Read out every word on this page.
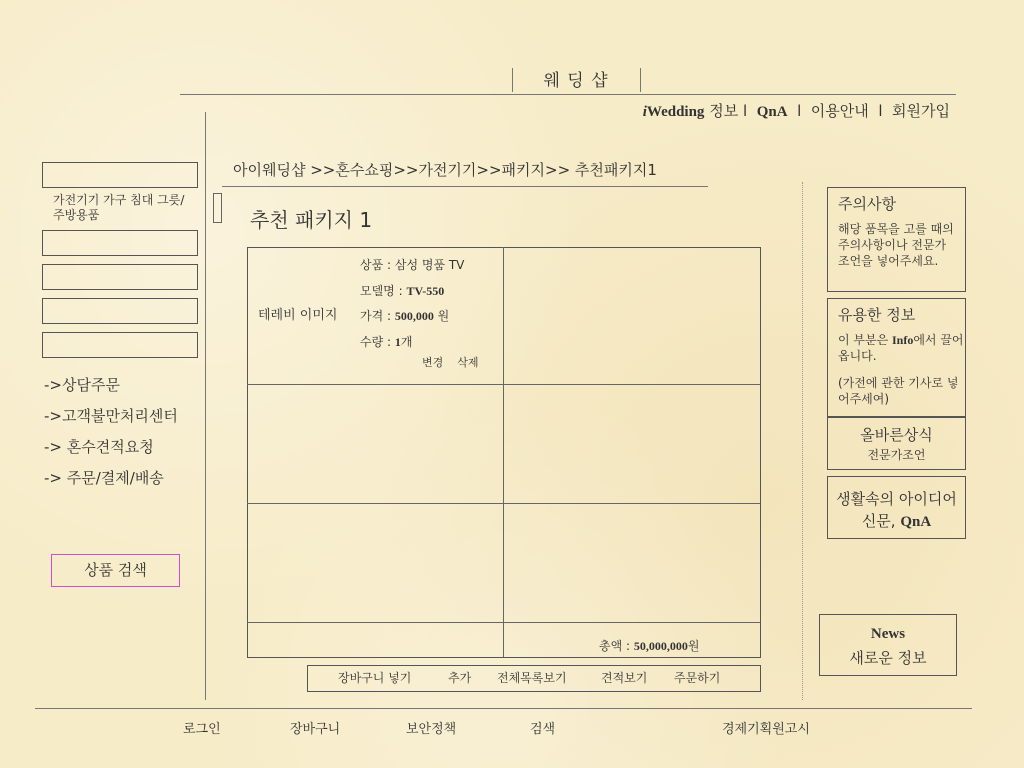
웨 딩 샵
iWedding 정보 l QnA l 이용안내 l 회원가입
가전기기 가구 침대 그릇/주방용품
->상담주문
->고객불만처리센터
-> 혼수견적요청
-> 주문/결제/배송
상품 검색
아이웨딩샵 >>혼수쇼핑>>가전기기>>패키지>> 추천패키지1
추천 패키지 1
테레비 이미지
상품 : 삼성 명품 TV
모델명 : TV-550
가격 : 500,000 원
수량 : 1개
변경 삭제
총액 : 50,000,000원
장바구니 넣기	추가 전체목록보기	견적보기 주문하기
주의사항
해당 품목을 고를 때의 주의사항이나 전문가 조언을 넣어주세요.
유용한 정보
이 부분은 Info에서 끌어옵니다.
(가전에 관한 기사로 넣어주세여)
올바른상식
전문가조언
생활속의 아이디어
신문, QnA
News
새로운 정보
로그인	장바구니	보안정책	검색	경제기획원고시
